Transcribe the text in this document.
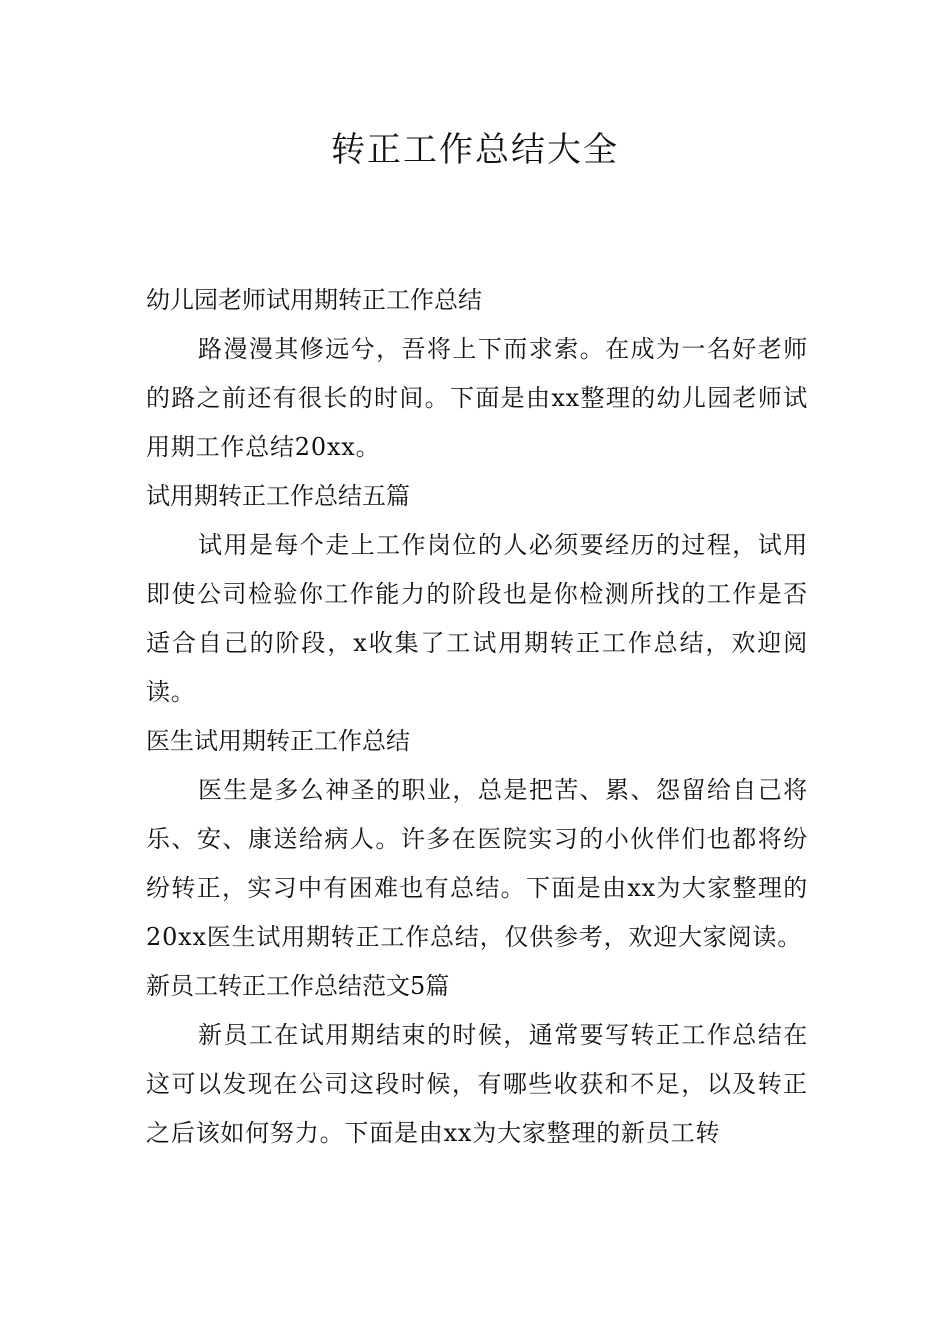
转正工作总结大全
幼儿园老师试用期转正工作总结

路漫漫其修远兮，吾将上下而求索。在成为一名好老师的路之前还有很长的时间。下面是由xx整理的幼儿园老师试用期工作总结20xx。

试用期转正工作总结五篇

试用是每个走上工作岗位的人必须要经历的过程，试用即使公司检验你工作能力的阶段也是你检测所找的工作是否适合自己的阶段，x收集了工试用期转正工作总结，欢迎阅读。

医生试用期转正工作总结

医生是多么神圣的职业，总是把苦、累、怨留给自己将乐、安、康送给病人。许多在医院实习的小伙伴们也都将纷纷转正，实习中有困难也有总结。下面是由xx为大家整理的20xx医生试用期转正工作总结，仅供参考，欢迎大家阅读。

新员工转正工作总结范文5篇

新员工在试用期结束的时候，通常要写转正工作总结在这可以发现在公司这段时候，有哪些收获和不足，以及转正之后该如何努力。下面是由xx为大家整理的新员工转
